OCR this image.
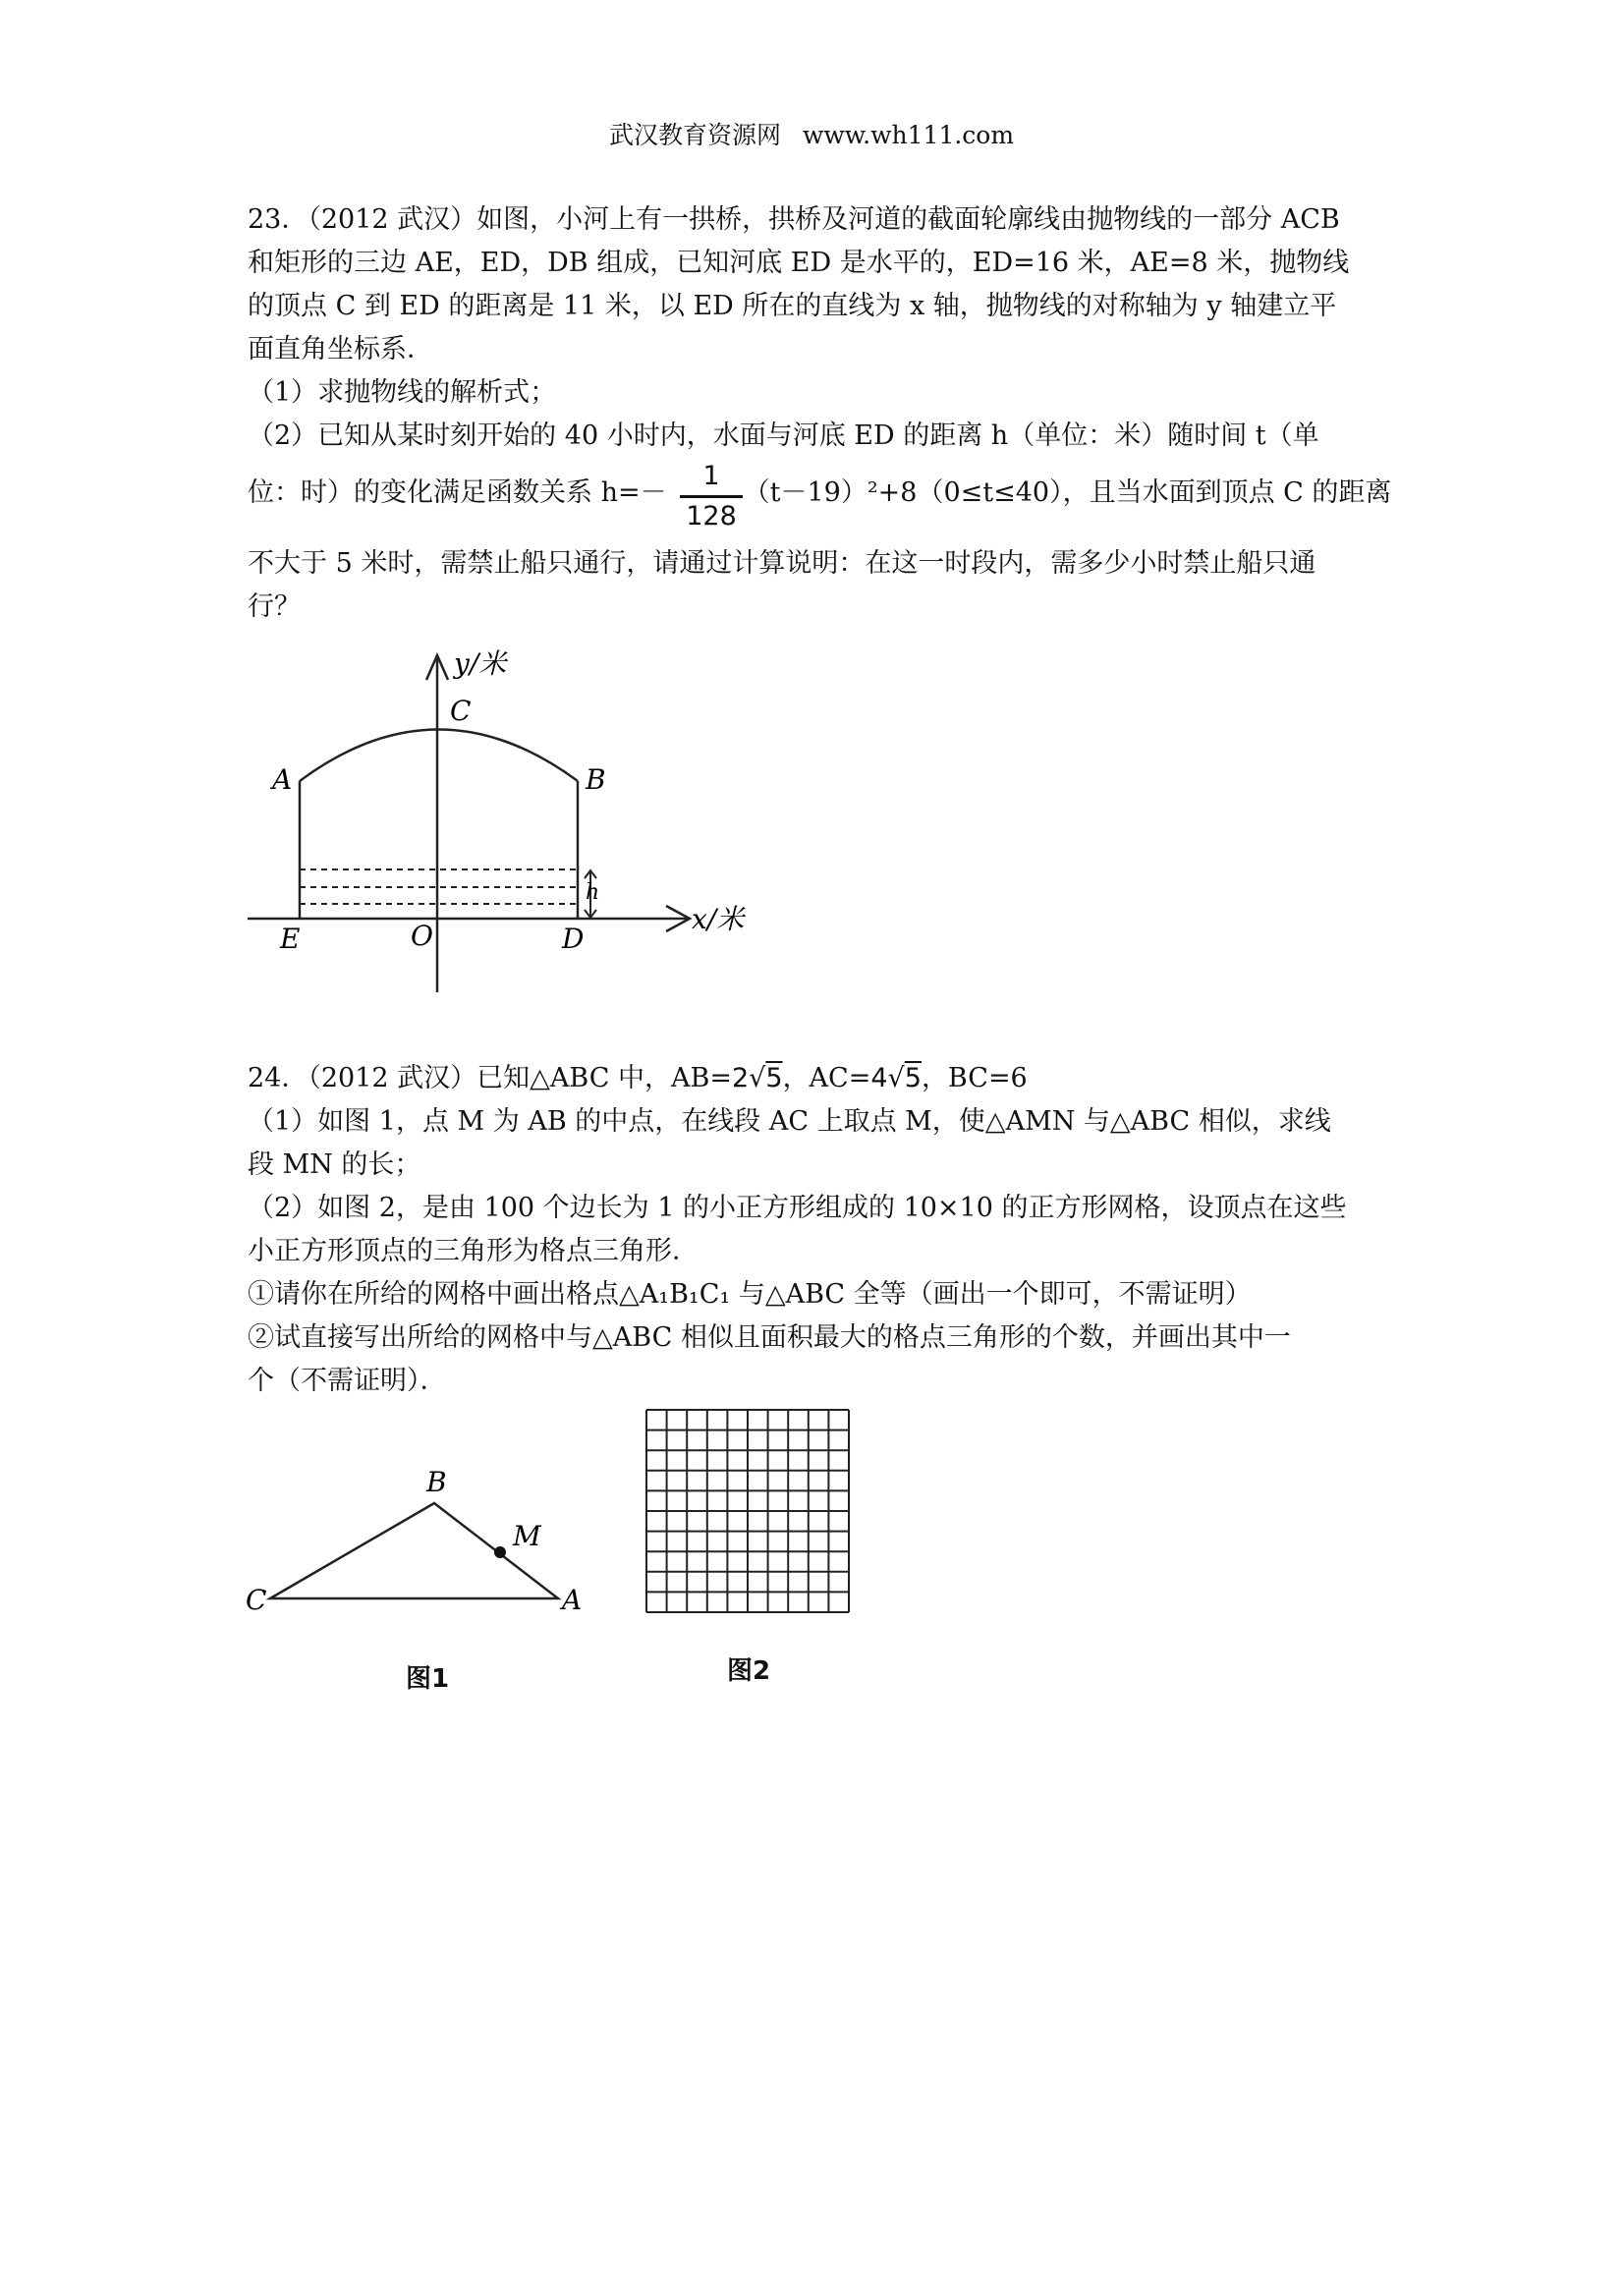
武汉教育资源网 www.wh111.com
23．（2012 武汉）如图，小河上有一拱桥，拱桥及河道的截面轮廓线由抛物线的一部分 ACB
和矩形的三边 AE，ED，DB 组成，已知河底 ED 是水平的，ED=16 米，AE=8 米，抛物线
的顶点 C 到 ED 的距离是 11 米，以 ED 所在的直线为 x 轴，抛物线的对称轴为 y 轴建立平
面直角坐标系．
（1）求抛物线的解析式；
（2）已知从某时刻开始的 40 小时内，水面与河底 ED 的距离 h（单位：米）随时间 t（单
位：时）的变化满足函数关系 h=－	（t－19）²+8（0≤t≤40），且当水面到顶点 C 的距离
1
128
不大于 5 米时，需禁止船只通行，请通过计算说明：在这一时段内，需多少小时禁止船只通
行？
y/米
x/米
C
A	B
E	O	D
h
B
M
C	A
24．（2012 武汉）已知△ABC 中，AB=2√5，AC=4√5，BC=6
（1）如图 1，点 M 为 AB 的中点，在线段 AC 上取点 M，使△AMN 与△ABC 相似，求线
段 MN 的长；
（2）如图 2，是由 100 个边长为 1 的小正方形组成的 10×10 的正方形网格，设顶点在这些
小正方形顶点的三角形为格点三角形．
①请你在所给的网格中画出格点△A₁B₁C₁ 与△ABC 全等（画出一个即可，不需证明）
②试直接写出所给的网格中与△ABC 相似且面积最大的格点三角形的个数，并画出其中一
个（不需证明）．
图1	图2
